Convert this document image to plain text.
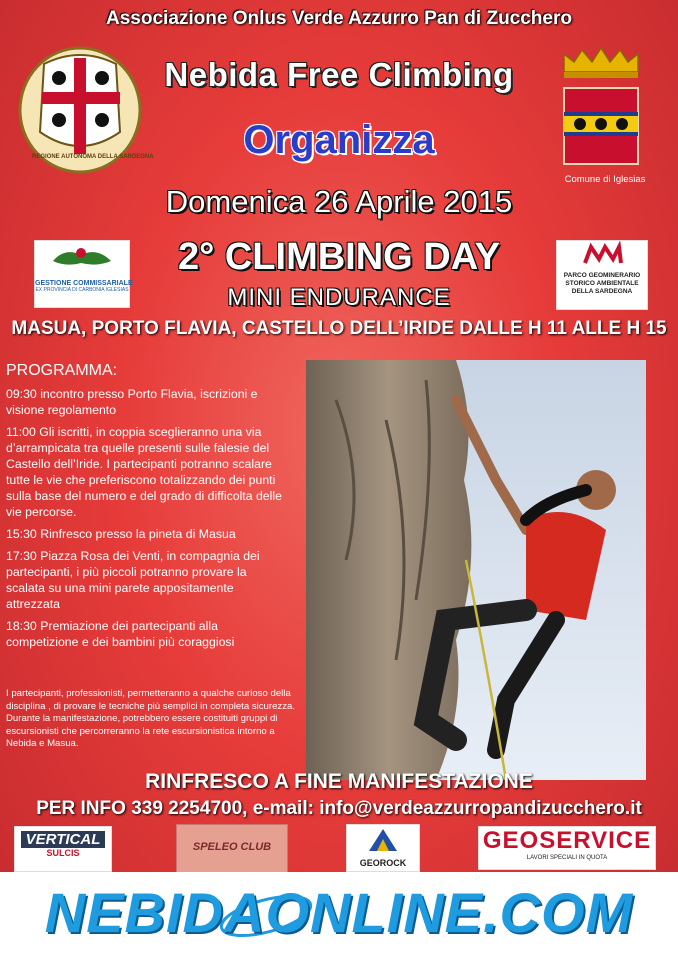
Associazione Onlus Verde Azzurro Pan di Zucchero
Nebida Free Climbing
Organizza
Domenica 26 Aprile 2015
2° CLIMBING DAY
MINI ENDURANCE
MASUA, PORTO FLAVIA, CASTELLO DELL’IRIDE DALLE H 11 ALLE H 15
REGIONE AUTONOMA DELLA SARDEGNA
Comune di Iglesias
GESTIONE COMMISSARIALE
EX PROVINCIA DI CARBONIA IGLESIAS
PARCO GEOMINERARIO STORICO AMBIENTALE DELLA SARDEGNA
PROGRAMMA:

09:30 incontro presso Porto Flavia, iscrizioni e visione regolamento

11:00 Gli iscritti, in coppia sceglieranno una via d’arrampicata tra quelle presenti sulle falesie del Castello dell’Iride. I partecipanti potranno scalare tutte le vie che preferiscono totalizzando dei punti sulla base del numero e del grado di difficolta delle vie percorse.

15:30 Rinfresco presso la pineta di Masua

17:30 Piazza Rosa dei Venti, in compagnia dei partecipanti, i più piccoli potranno provare la scalata su una mini parete appositamente attrezzata

18:30 Premiazione dei partecipanti alla competizione e dei bambini più coraggiosi

I partecipanti, professionisti, permetteranno a qualche curioso della disciplina , di provare le tecniche più semplici in completa sicurezza. Durante la manifestazione, potrebbero essere costituiti gruppi di escursionisti che percorreranno la rete escursionistica intorno a Nebida e Masua.
RINFRESCO A FINE MANIFESTAZIONE
PER INFO 339 2254700, e-mail: info@verdeazzurropandizucchero.it
VERTICAL
SULCIS	SPELEO CLUB
GEOROCK
GEOSERVICE
LAVORI SPECIALI IN QUOTA
NEBIDAONLINE.COM
